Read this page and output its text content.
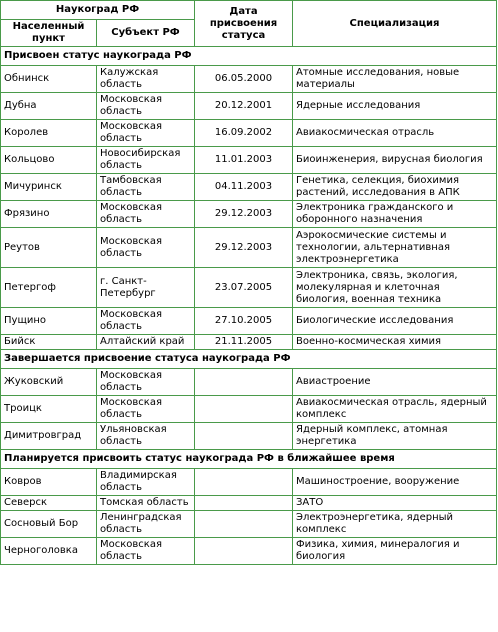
Наукоград РФ		Дата присвоения статуса	Специализация
Населенный пункт	Субъект РФ		
Присвоен статус наукограда РФ			
Обнинск	Калужская область	06.05.2000	Атомные исследования, новые материалы
Дубна	Московская область	20.12.2001	Ядерные исследования
Королев	Московская область	16.09.2002	Авиакосмическая отрасль
Кольцово	Новосибирская область	11.01.2003	Биоинженерия, вирусная биология
Мичуринск	Тамбовская область	04.11.2003	Генетика, селекция, биохимия растений, исследования в АПК
Фрязино	Московская область	29.12.2003	Электроника гражданского и оборонного назначения
Реутов	Московская область	29.12.2003	Аэрокосмические системы и технологии, альтернативная электроэнергетика
Петергоф	г. Санкт-Петербург	23.07.2005	Электроника, связь, экология, молекулярная и клеточная биология, военная техника
Пущино	Московская область	27.10.2005	Биологические исследования
Бийск	Алтайский край	21.11.2005	Военно-космическая химия
Завершается присвоение статуса наукограда РФ			
Жуковский	Московская область		Авиастроение
Троицк	Московская область		Авиакосмическая отрасль, ядерный комплекс
Димитровград	Ульяновская область		Ядерный комплекс, атомная энергетика
Планируется присвоить статус наукограда РФ в ближайшее время			
Ковров	Владимирская область		Машиностроение, вооружение
Северск	Томская область		ЗАТО
Сосновый Бор	Ленинградская область		Электроэнергетика, ядерный комплекс
Черноголовка	Московская область		Физика, химия, минералогия и биология
